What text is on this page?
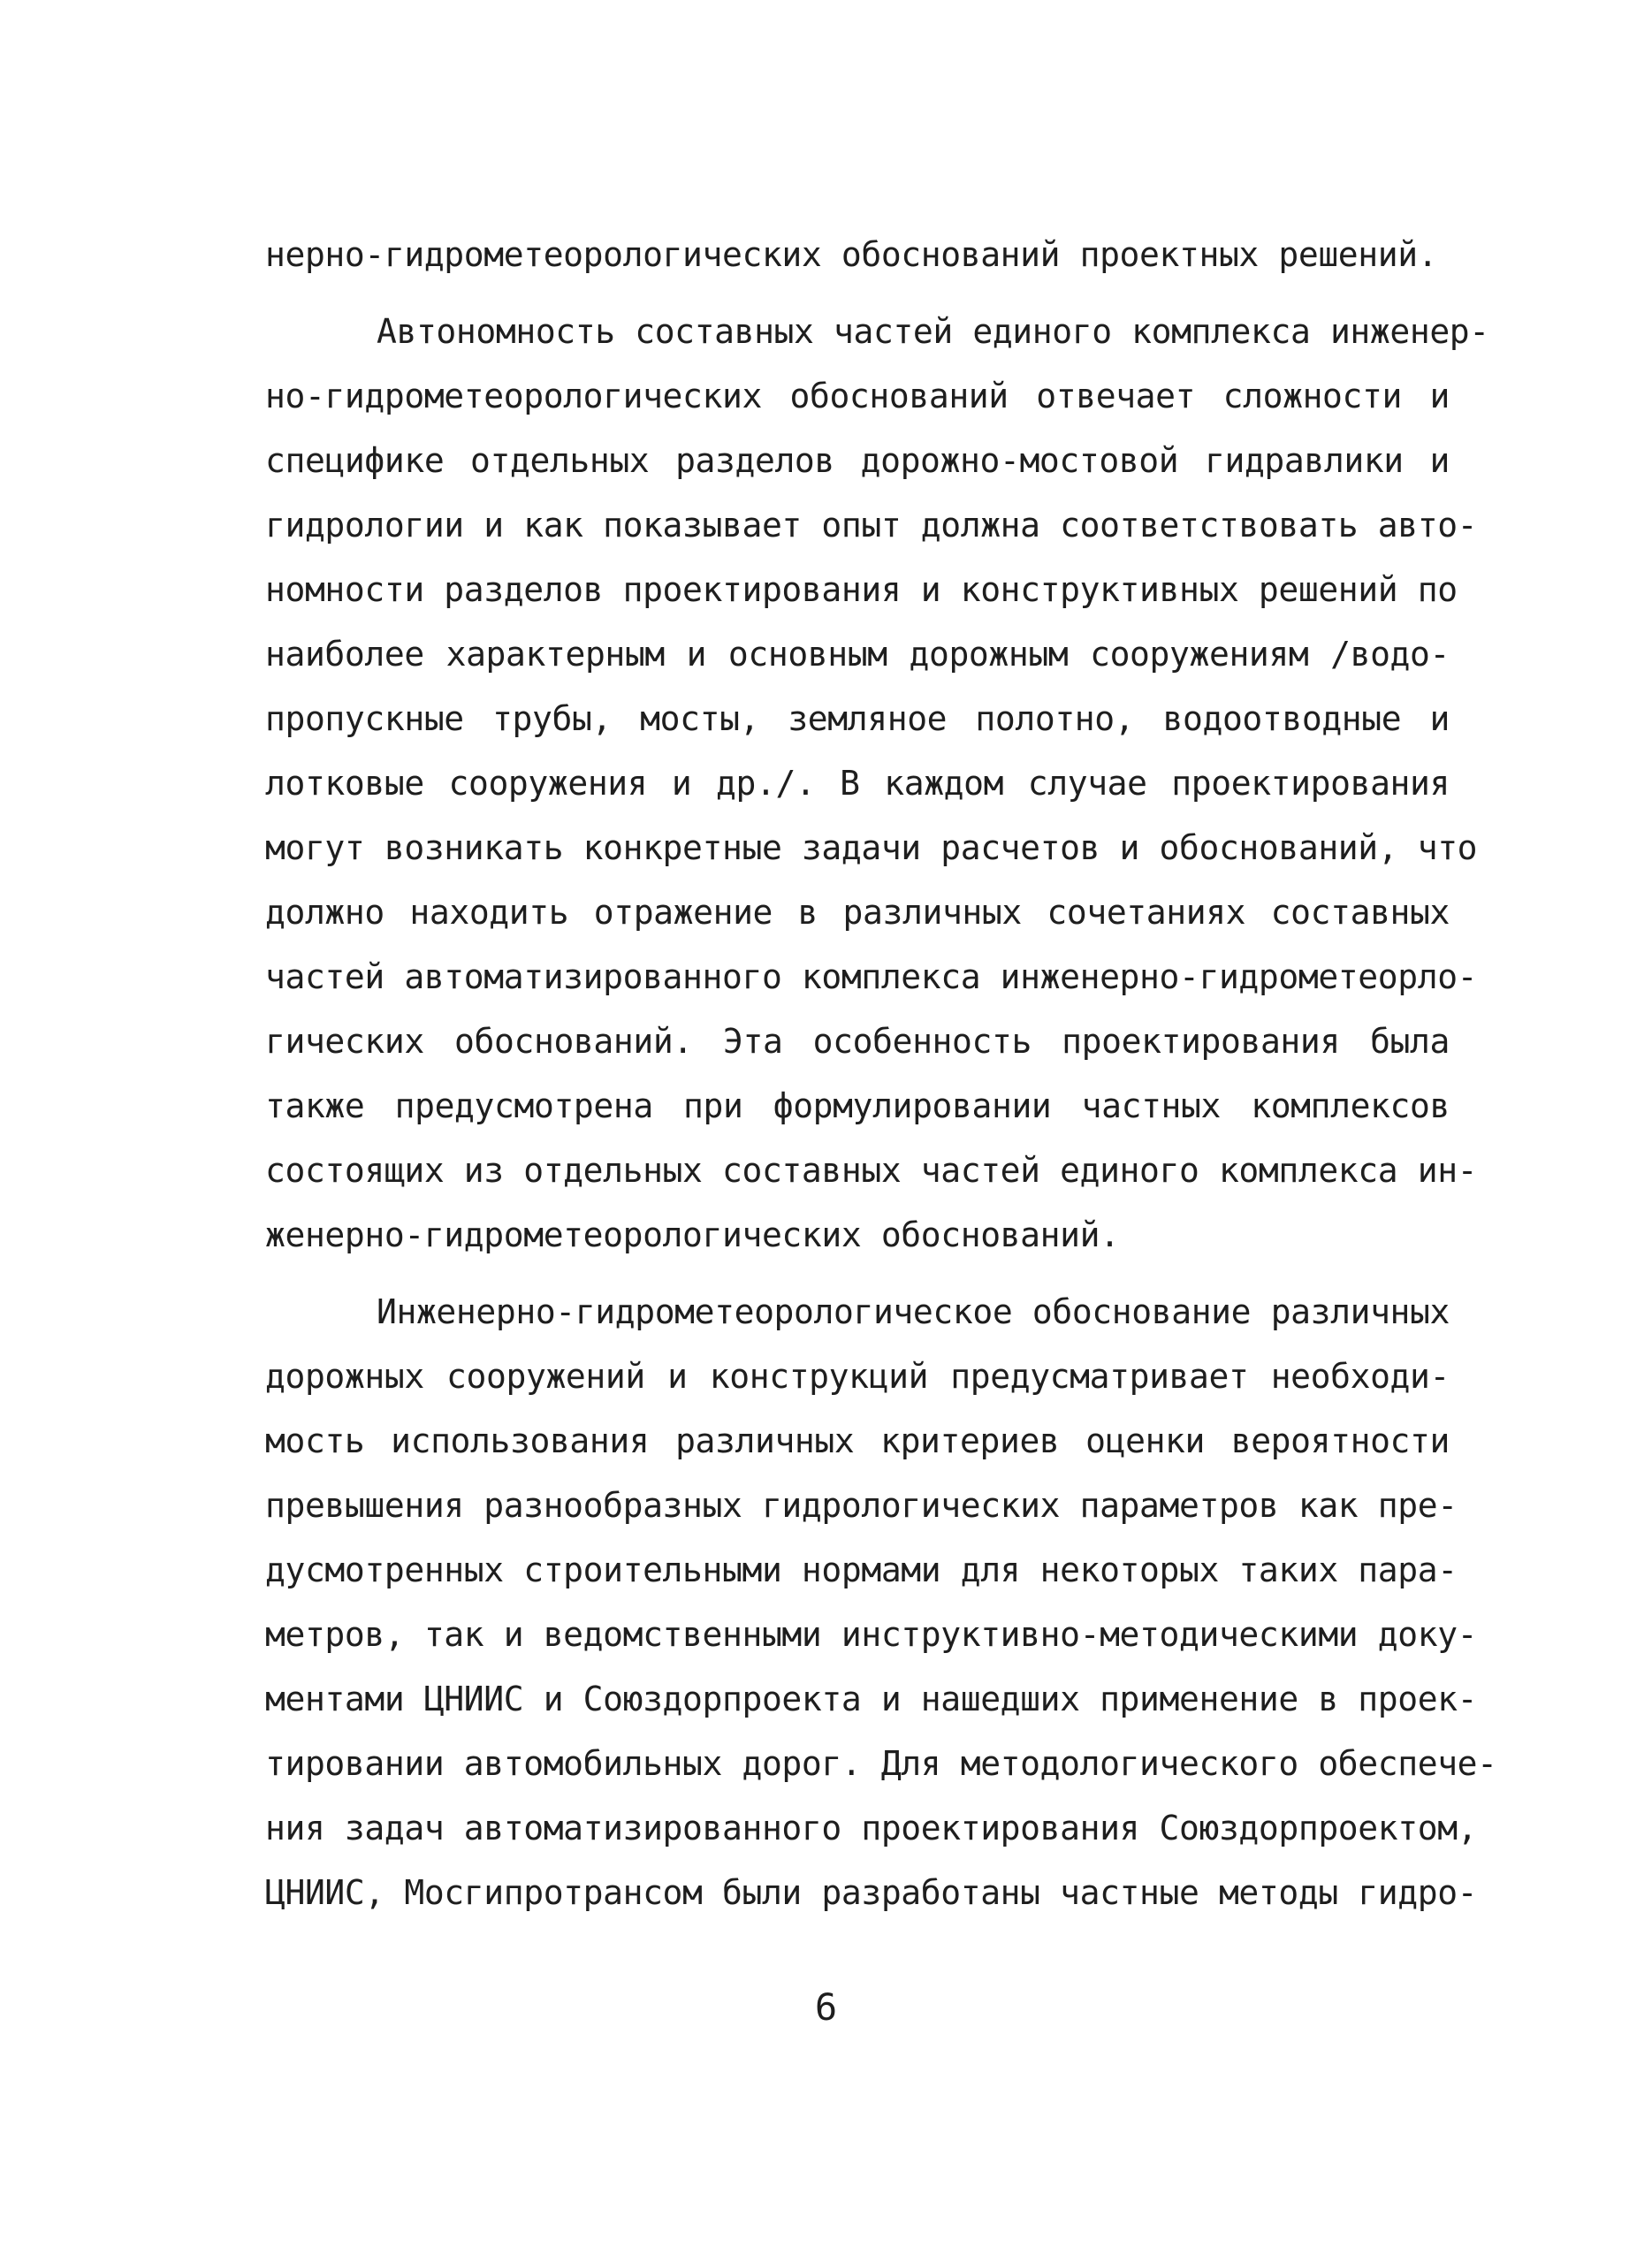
нерно-гидрометеорологических обоснований проектных решений.
Автономность составных частей единого комплекса инженер-
но-гидрометеорологических обоснований отвечает сложности и
специфике отдельных разделов дорожно-мостовой гидравлики и
гидрологии и как показывает опыт должна соответствовать авто-
номности разделов проектирования и конструктивных решений по
наиболее характерным и основным дорожным сооружениям /водо-
пропускные трубы, мосты, земляное полотно, водоотводные и
лотковые сооружения и др./. В каждом случае проектирования
могут возникать конкретные задачи расчетов и обоснований, что
должно находить отражение в различных сочетаниях составных
частей автоматизированного комплекса инженерно-гидрометеорло-
гических обоснований. Эта особенность проектирования была
также предусмотрена при формулировании частных комплексов
состоящих из отдельных составных частей единого комплекса ин-
женерно-гидрометеорологических обоснований.
Инженерно-гидрометеорологическое обоснование различных
дорожных сооружений и конструкций предусматривает необходи-
мость использования различных критериев оценки вероятности
превышения разнообразных гидрологических параметров как пре-
дусмотренных строительными нормами для некоторых таких пара-
метров, так и ведомственными инструктивно-методическими доку-
ментами ЦНИИС и Союздорпроекта и нашедших применение в проек-
тировании автомобильных дорог. Для методологического обеспече-
ния задач автоматизированного проектирования Союздорпроектом,
ЦНИИС, Мосгипротрансом были разработаны частные методы гидро-
6
